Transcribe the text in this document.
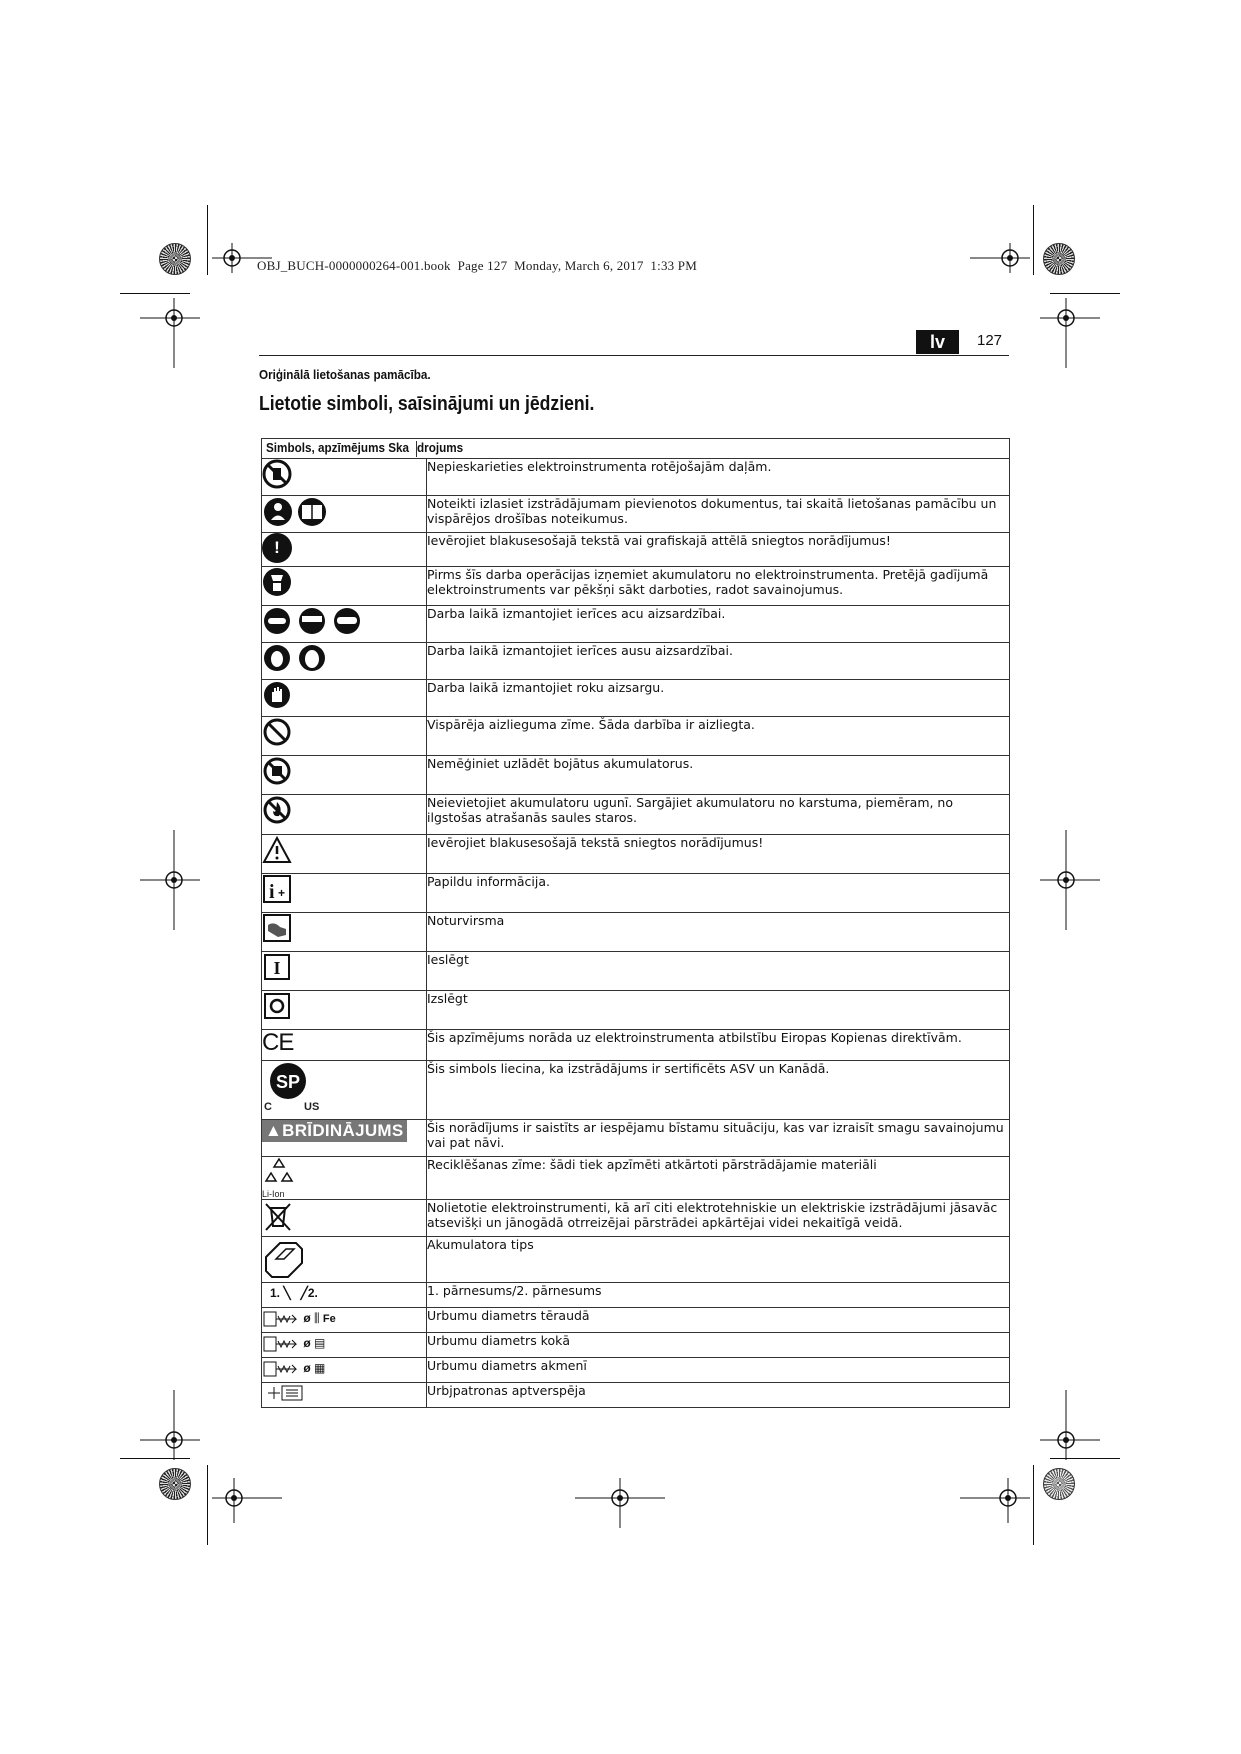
OBJ_BUCH-0000000264-001.book  Page 127  Monday, March 6, 2017  1:33 PM
lv	127
Oriģinālā lietošanas pamācība.
Lietotie simboli, saīsinājumi un jēdzieni.
Simbols, apzīmējums Ska drojums	
	Nepieskarieties elektroinstrumenta rotējošajām daļām.
	Noteikti izlasiet izstrādājumam pievienotos dokumentus, tai skaitā lietošanas pamācību un vispārējos drošības noteikumus.
!	Ievērojiet blakusesošajā tekstā vai grafiskajā attēlā sniegtos norādījumus!
	Pirms šīs darba operācijas izņemiet akumulatoru no elektroinstrumenta. Pretējā gadījumā elektroinstruments var pēkšņi sākt darboties, radot savainojumus.
	Darba laikā izmantojiet ierīces acu aizsardzībai.
	Darba laikā izmantojiet ierīces ausu aizsardzībai.
	Darba laikā izmantojiet roku aizsargu.
	Vispārēja aizlieguma zīme. Šāda darbība ir aizliegta.
	Nemēģiniet uzlādēt bojātus akumulatorus.
	Neievietojiet akumulatoru ugunī. Sargājiet akumulatoru no karstuma, piemēram, no ilgstošas atrašanās saules staros.
	Ievērojiet blakusesošajā tekstā sniegtos norādījumus!

i +	Papildu informācija.
	Noturvirsma

I	Ieslēgt
	Izslēgt
CE	Šis apzīmējums norāda uz elektroinstrumenta atbilstību Eiropas Kopienas direktīvām.

SP
C US	Šis simbols liecina, ka izstrādājums ir sertificēts ASV un Kanādā.
▲BRĪDINĀJUMS	Šis norādījums ir saistīts ar iespējamu bīstamu situāciju, kas var izraisīt smagu savainojumu vai pat nāvi.

Li-Ion	Reciklēšanas zīme: šādi tiek apzīmēti atkārtoti pārstrādājamie materiāli
	Nolietotie elektroinstrumenti, kā arī citi elektrotehniskie un elektriskie izstrādājumi jāsavāc atsevišķi un jānogādā otrreizējai pārstrādei apkārtējai videi nekaitīgā veidā.
	Akumulatora tips
1. ╲   ╱2.	1. pārnesums/2. pārnesums
ø ⫼ Fe	Urbumu diametrs tēraudā
ø ▤	Urbumu diametrs kokā
ø ▦	Urbumu diametrs akmenī
	Urbjpatronas aptverspēja
